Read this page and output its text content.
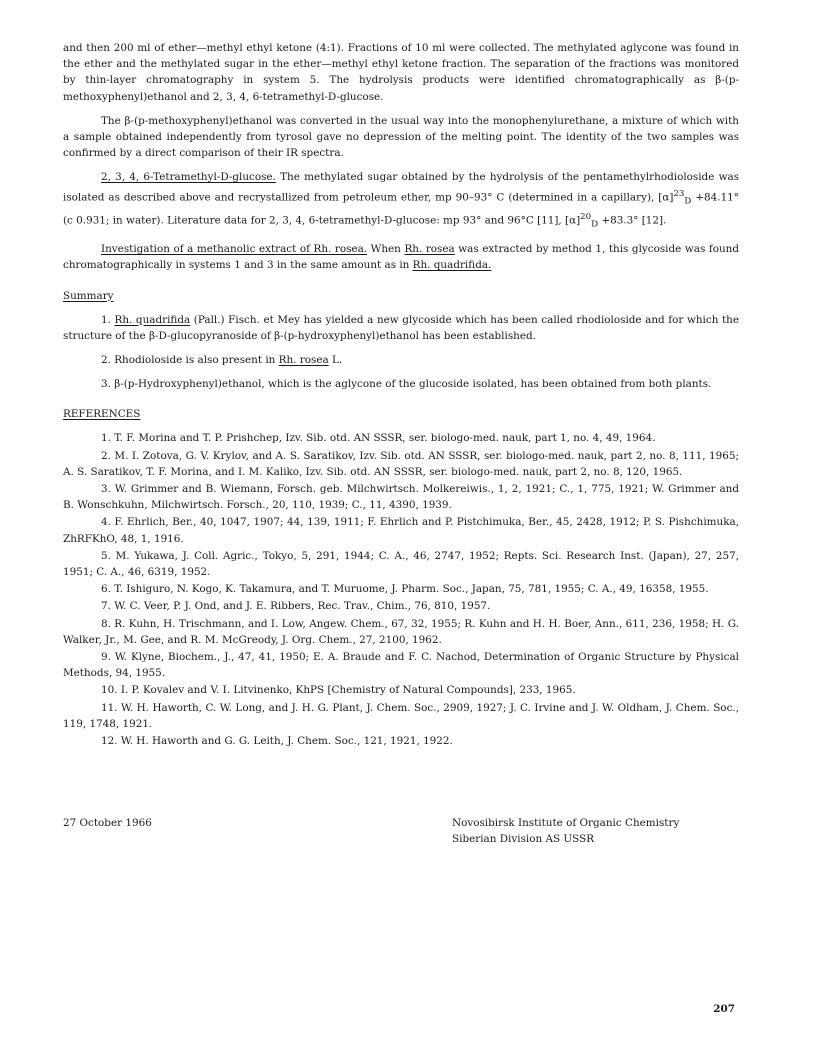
and then 200 ml of ether—methyl ethyl ketone (4:1). Fractions of 10 ml were collected. The methylated aglycone was found in the ether and the methylated sugar in the ether—methyl ethyl ketone fraction. The separation of the fractions was monitored by thin-layer chromatography in system 5. The hydrolysis products were identified chromatographically as β-(p-methoxyphenyl)ethanol and 2, 3, 4, 6-tetramethyl-D-glucose.

The β-(p-methoxyphenyl)ethanol was converted in the usual way into the monophenylurethane, a mixture of which with a sample obtained independently from tyrosol gave no depression of the melting point. The identity of the two samples was confirmed by a direct comparison of their IR spectra.

2, 3, 4, 6-Tetramethyl-D-glucose. The methylated sugar obtained by the hydrolysis of the pentamethylrhodioloside was isolated as described above and recrystallized from petroleum ether, mp 90–93° C (determined in a capillary), $[\alpha]^{23}_D +84.11^\circ$ (c 0.931; in water). Literature data for 2, 3, 4, 6-tetramethyl-D-glucose: mp 93° and 96°C [11], $[\alpha]^{20}_D +83.3^\circ$ [12].

Investigation of a methanolic extract of Rh. rosea. When Rh. rosea was extracted by method 1, this glycoside was found chromatographically in systems 1 and 3 in the same amount as in Rh. quadrifida.

Summary

1. Rh. quadrifida (Pall.) Fisch. et Mey has yielded a new glycoside which has been called rhodioloside and for which the structure of the β-D-glucopyranoside of β-(p-hydroxyphenyl)ethanol has been established.

2. Rhodioloside is also present in Rh. rosea L.

3. β-(p-Hydroxyphenyl)ethanol, which is the aglycone of the glucoside isolated, has been obtained from both plants.

REFERENCES

1. T. F. Morina and T. P. Prishchep, Izv. Sib. otd. AN SSSR, ser. biologo-med. nauk, part 1, no. 4, 49, 1964.

2. M. I. Zotova, G. V. Krylov, and A. S. Saratikov, Izv. Sib. otd. AN SSSR, ser. biologo-med. nauk, part 2, no. 8, 111, 1965; A. S. Saratikov, T. F. Morina, and I. M. Kaliko, Izv. Sib. otd. AN SSSR, ser. biologo-med. nauk, part 2, no. 8, 120, 1965.

3. W. Grimmer and B. Wiemann, Forsch. geb. Milchwirtsch. Molkereiwis., 1, 2, 1921; C., 1, 775, 1921; W. Grimmer and B. Wonschkuhn, Milchwirtsch. Forsch., 20, 110, 1939; C., 11, 4390, 1939.

4. F. Ehrlich, Ber., 40, 1047, 1907; 44, 139, 1911; F. Ehrlich and P. Pistchimuka, Ber., 45, 2428, 1912; P. S. Pishchimuka, ZhRFKhO, 48, 1, 1916.

5. M. Yukawa, J. Coll. Agric., Tokyo, 5, 291, 1944; C. A., 46, 2747, 1952; Repts. Sci. Research Inst. (Japan), 27, 257, 1951; C. A., 46, 6319, 1952.

6. T. Ishiguro, N. Kogo, K. Takamura, and T. Muruome, J. Pharm. Soc., Japan, 75, 781, 1955; C. A., 49, 16358, 1955.

7. W. C. Veer, P. J. Ond, and J. E. Ribbers, Rec. Trav., Chim., 76, 810, 1957.

8. R. Kuhn, H. Trischmann, and I. Low, Angew. Chem., 67, 32, 1955; R. Kuhn and H. H. Boer, Ann., 611, 236, 1958; H. G. Walker, Jr., M. Gee, and R. M. McGreody, J. Org. Chem., 27, 2100, 1962.

9. W. Klyne, Biochem., J., 47, 41, 1950; E. A. Braude and F. C. Nachod, Determination of Organic Structure by Physical Methods, 94, 1955.

10. I. P. Kovalev and V. I. Litvinenko, KhPS [Chemistry of Natural Compounds], 233, 1965.

11. W. H. Haworth, C. W. Long, and J. H. G. Plant, J. Chem. Soc., 2909, 1927; J. C. Irvine and J. W. Oldham, J. Chem. Soc., 119, 1748, 1921.

12. W. H. Haworth and G. G. Leith, J. Chem. Soc., 121, 1921, 1922.

27 October 1966	Novosibirsk Institute of Organic Chemistry
Siberian Division AS USSR
207
